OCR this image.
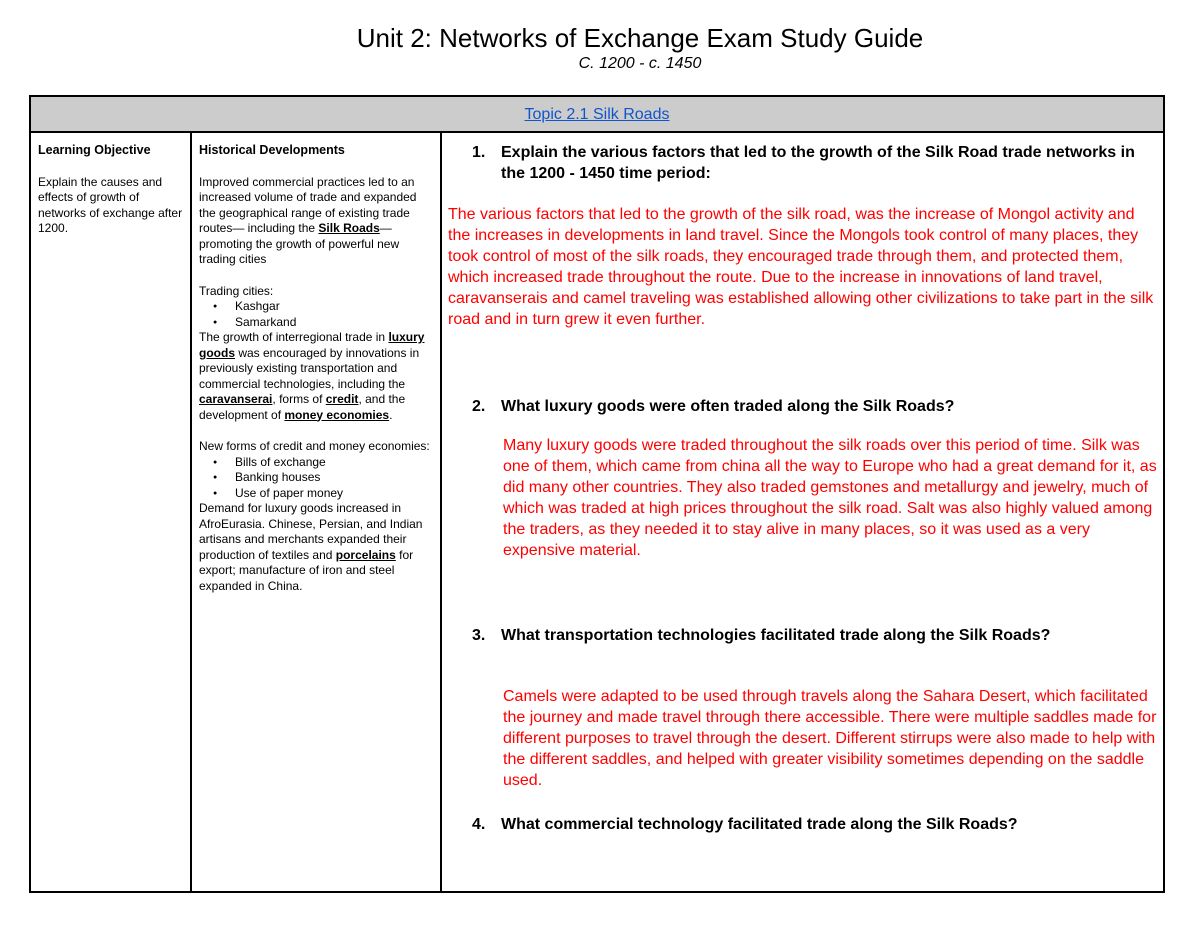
Unit 2: Networks of Exchange Exam Study Guide
C. 1200 - c. 1450
Topic 2.1 Silk Roads
Learning Objective
Explain the causes and effects of growth of networks of exchange after 1200.
Historical Developments
Improved commercial practices led to an increased volume of trade and expanded the geographical range of existing trade routes— including the Silk Roads—promoting the growth of powerful new trading cities
Trading cities:
● Kashgar
● Samarkand
The growth of interregional trade in luxury goods was encouraged by innovations in previously existing transportation and commercial technologies, including the caravanserai, forms of credit, and the development of money economies.
New forms of credit and money economies:
● Bills of exchange
● Banking houses
● Use of paper money
Demand for luxury goods increased in AfroEurasia. Chinese, Persian, and Indian artisans and merchants expanded their production of textiles and porcelains for export; manufacture of iron and steel expanded in China.
1. Explain the various factors that led to the growth of the Silk Road trade networks in the 1200 - 1450 time period:
The various factors that led to the growth of the silk road, was the increase of Mongol activity and the increases in developments in land travel. Since the Mongols took control of many places, they took control of most of the silk roads, they encouraged trade through them, and protected them, which increased trade throughout the route. Due to the increase in innovations of land travel, caravanserais and camel traveling was established allowing other civilizations to take part in the silk road and in turn grew it even further.
2. What luxury goods were often traded along the Silk Roads?
Many luxury goods were traded throughout the silk roads over this period of time. Silk was one of them, which came from china all the way to Europe who had a great demand for it, as did many other countries. They also traded gemstones and metallurgy and jewelry, much of which was traded at high prices throughout the silk road. Salt was also highly valued among the traders, as they needed it to stay alive in many places, so it was used as a very expensive material.
3. What transportation technologies facilitated trade along the Silk Roads?
Camels were adapted to be used through travels along the Sahara Desert, which facilitated the journey and made travel through there accessible. There were multiple saddles made for different purposes to travel through the desert. Different stirrups were also made to help with the different saddles, and helped with greater visibility sometimes depending on the saddle used.
4. What commercial technology facilitated trade along the Silk Roads?
